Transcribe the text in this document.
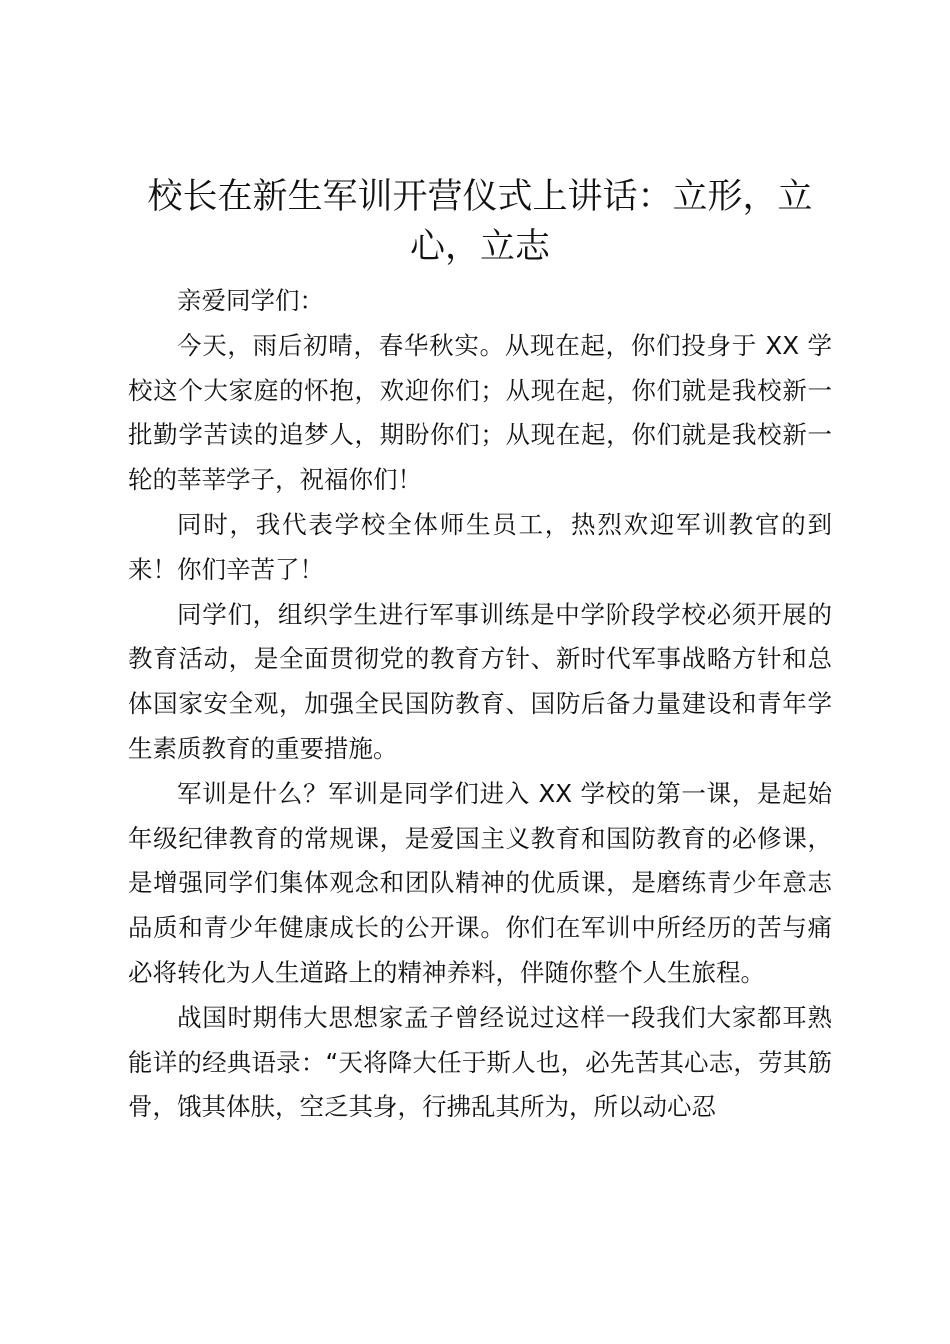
校长在新生军训开营仪式上讲话：立形，立心，立志

亲爱同学们：

今天，雨后初晴，春华秋实。从现在起，你们投身于 XX 学校这个大家庭的怀抱，欢迎你们；从现在起，你们就是我校新一批勤学苦读的追梦人，期盼你们；从现在起，你们就是我校新一轮的莘莘学子，祝福你们！

同时，我代表学校全体师生员工，热烈欢迎军训教官的到来！你们辛苦了！

同学们，组织学生进行军事训练是中学阶段学校必须开展的教育活动，是全面贯彻党的教育方针、新时代军事战略方针和总体国家安全观，加强全民国防教育、国防后备力量建设和青年学生素质教育的重要措施。

军训是什么？军训是同学们进入 XX 学校的第一课，是起始年级纪律教育的常规课，是爱国主义教育和国防教育的必修课，是增强同学们集体观念和团队精神的优质课，是磨练青少年意志品质和青少年健康成长的公开课。你们在军训中所经历的苦与痛必将转化为人生道路上的精神养料，伴随你整个人生旅程。

战国时期伟大思想家孟子曾经说过这样一段我们大家都耳熟能详的经典语录：“天将降大任于斯人也，必先苦其心志，劳其筋骨，饿其体肤，空乏其身，行拂乱其所为，所以动心忍
